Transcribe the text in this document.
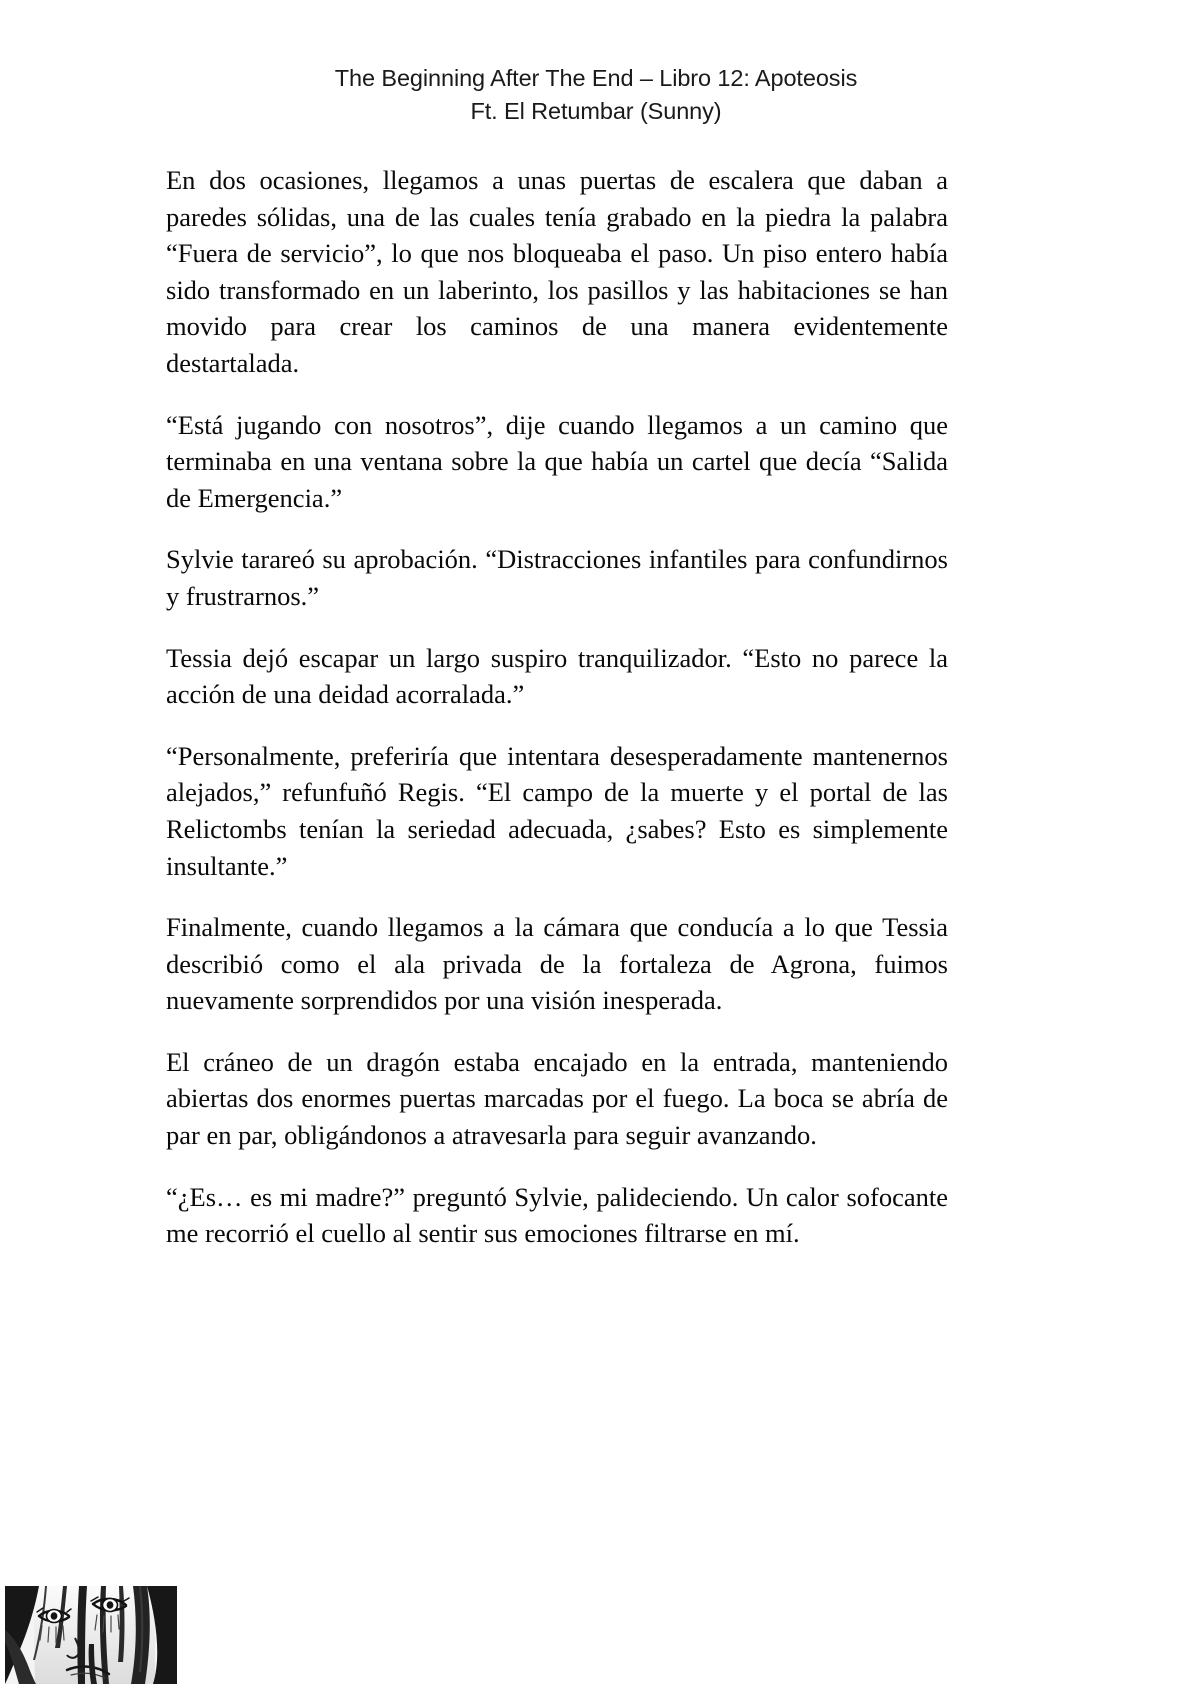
The Beginning After The End – Libro 12: Apoteosis
Ft. El Retumbar (Sunny)

En dos ocasiones, llegamos a unas puertas de escalera que daban a paredes sólidas, una de las cuales tenía grabado en la piedra la palabra “Fuera de servicio”, lo que nos bloqueaba el paso. Un piso entero había sido transformado en un laberinto, los pasillos y las habitaciones se han movido para crear los caminos de una manera evidentemente destartalada.

“Está jugando con nosotros”, dije cuando llegamos a un camino que terminaba en una ventana sobre la que había un cartel que decía “Salida de Emergencia.”

Sylvie tarareó su aprobación. “Distracciones infantiles para confundirnos y frustrarnos.”

Tessia dejó escapar un largo suspiro tranquilizador. “Esto no parece la acción de una deidad acorralada.”

“Personalmente, preferiría que intentara desesperadamente mantenernos alejados,” refunfuñó Regis. “El campo de la muerte y el portal de las Relictombs tenían la seriedad adecuada, ¿sabes? Esto es simplemente insultante.”

Finalmente, cuando llegamos a la cámara que conducía a lo que Tessia describió como el ala privada de la fortaleza de Agrona, fuimos nuevamente sorprendidos por una visión inesperada.

El cráneo de un dragón estaba encajado en la entrada, manteniendo abiertas dos enormes puertas marcadas por el fuego. La boca se abría de par en par, obligándonos a atravesarla para seguir avanzando.

“¿Es… es mi madre?” preguntó Sylvie, palideciendo. Un calor sofocante me recorrió el cuello al sentir sus emociones filtrarse en mí.
